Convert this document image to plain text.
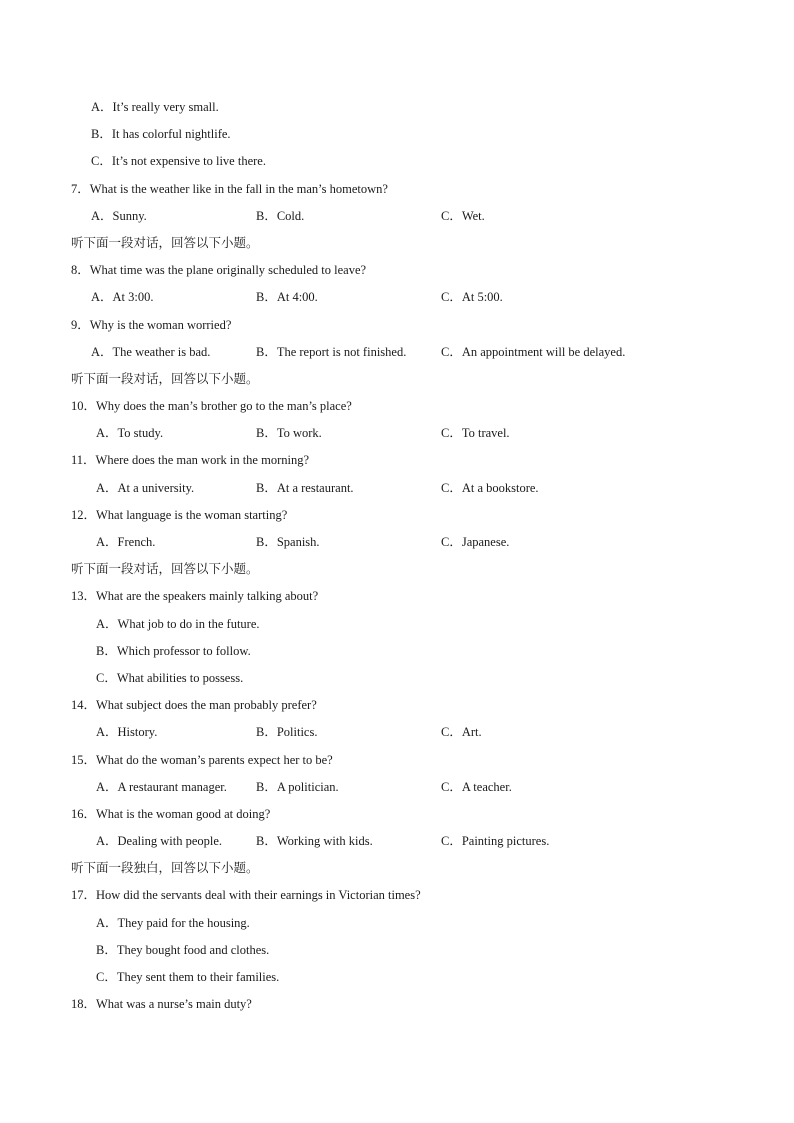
A．It’s really very small.
B．It has colorful nightlife.
C．It’s not expensive to live there.
7．What is the weather like in the fall in the man’s hometown?
A．Sunny.	B．Cold.	C．Wet.
听下面一段对话，回答以下小题。
8．What time was the plane originally scheduled to leave?
A．At 3:00.	B．At 4:00.	C．At 5:00.
9．Why is the woman worried?
A．The weather is bad.	B．The report is not finished.	C．An appointment will be delayed.
听下面一段对话，回答以下小题。
10．Why does the man’s brother go to the man’s place?
A．To study.	B．To work.	C．To travel.
11．Where does the man work in the morning?
A．At a university.	B．At a restaurant.	C．At a bookstore.
12．What language is the woman starting?
A．French.	B．Spanish.	C．Japanese.
听下面一段对话，回答以下小题。
13．What are the speakers mainly talking about?
A．What job to do in the future.
B．Which professor to follow.
C．What abilities to possess.
14．What subject does the man probably prefer?
A．History.	B．Politics.	C．Art.
15．What do the woman’s parents expect her to be?
A．A restaurant manager. B．A politician.	C．A teacher.
16．What is the woman good at doing?
A．Dealing with people.	B．Working with kids.	C．Painting pictures.
听下面一段独白，回答以下小题。
17．How did the servants deal with their earnings in Victorian times?
A．They paid for the housing.
B．They bought food and clothes.
C．They sent them to their families.
18．What was a nurse’s main duty?
